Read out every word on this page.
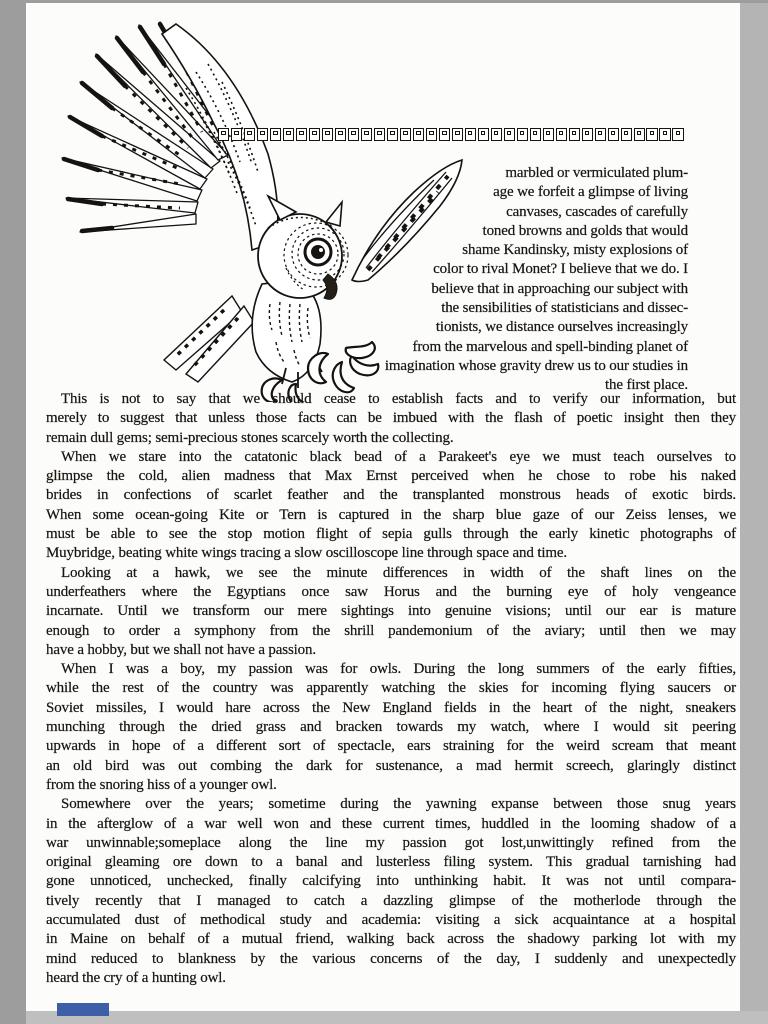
marbled or vermiculated plum-
age we forfeit a glimpse of living
canvases, cascades of carefully
toned browns and golds that would
shame Kandinsky, misty explosions of
color to rival Monet? I believe that we do. I
believe that in approaching our subject with
the sensibilities of statisticians and dissec-
tionists, we distance ourselves increasingly
from the marvelous and spell-binding planet of
imagination whose gravity drew us to our studies in
the first place.
This is not to say that we should cease to establish facts and to verify our information, but
merely to suggest that unless those facts can be imbued with the flash of poetic insight then they
remain dull gems; semi-precious stones scarcely worth the collecting.
When we stare into the catatonic black bead of a Parakeet's eye we must teach ourselves to
glimpse the cold, alien madness that Max Ernst perceived when he chose to robe his naked
brides in confections of scarlet feather and the transplanted monstrous heads of exotic birds.
When some ocean-going Kite or Tern is captured in the sharp blue gaze of our Zeiss lenses, we
must be able to see the stop motion flight of sepia gulls through the early kinetic photographs of
Muybridge, beating white wings tracing a slow oscilloscope line through space and time.
Looking at a hawk, we see the minute differences in width of the shaft lines on the
underfeathers where the Egyptians once saw Horus and the burning eye of holy vengeance
incarnate. Until we transform our mere sightings into genuine visions; until our ear is mature
enough to order a symphony from the shrill pandemonium of the aviary; until then we may
have a hobby, but we shall not have a passion.
When I was a boy, my passion was for owls. During the long summers of the early fifties,
while the rest of the country was apparently watching the skies for incoming flying saucers or
Soviet missiles, I would hare across the New England fields in the heart of the night, sneakers
munching through the dried grass and bracken towards my watch, where I would sit peering
upwards in hope of a different sort of spectacle, ears straining for the weird scream that meant
an old bird was out combing the dark for sustenance, a mad hermit screech, glaringly distinct
from the snoring hiss of a younger owl.
Somewhere over the years; sometime during the yawning expanse between those snug years
in the afterglow of a war well won and these current times, huddled in the looming shadow of a
war unwinnable;someplace along the line my passion got lost,unwittingly refined from the
original gleaming ore down to a banal and lusterless filing system. This gradual tarnishing had
gone unnoticed, unchecked, finally calcifying into unthinking habit. It was not until compara-
tively recently that I managed to catch a dazzling glimpse of the motherlode through the
accumulated dust of methodical study and academia: visiting a sick acquaintance at a hospital
in Maine on behalf of a mutual friend, walking back across the shadowy parking lot with my
mind reduced to blankness by the various concerns of the day, I suddenly and unexpectedly
heard the cry of a hunting owl.
